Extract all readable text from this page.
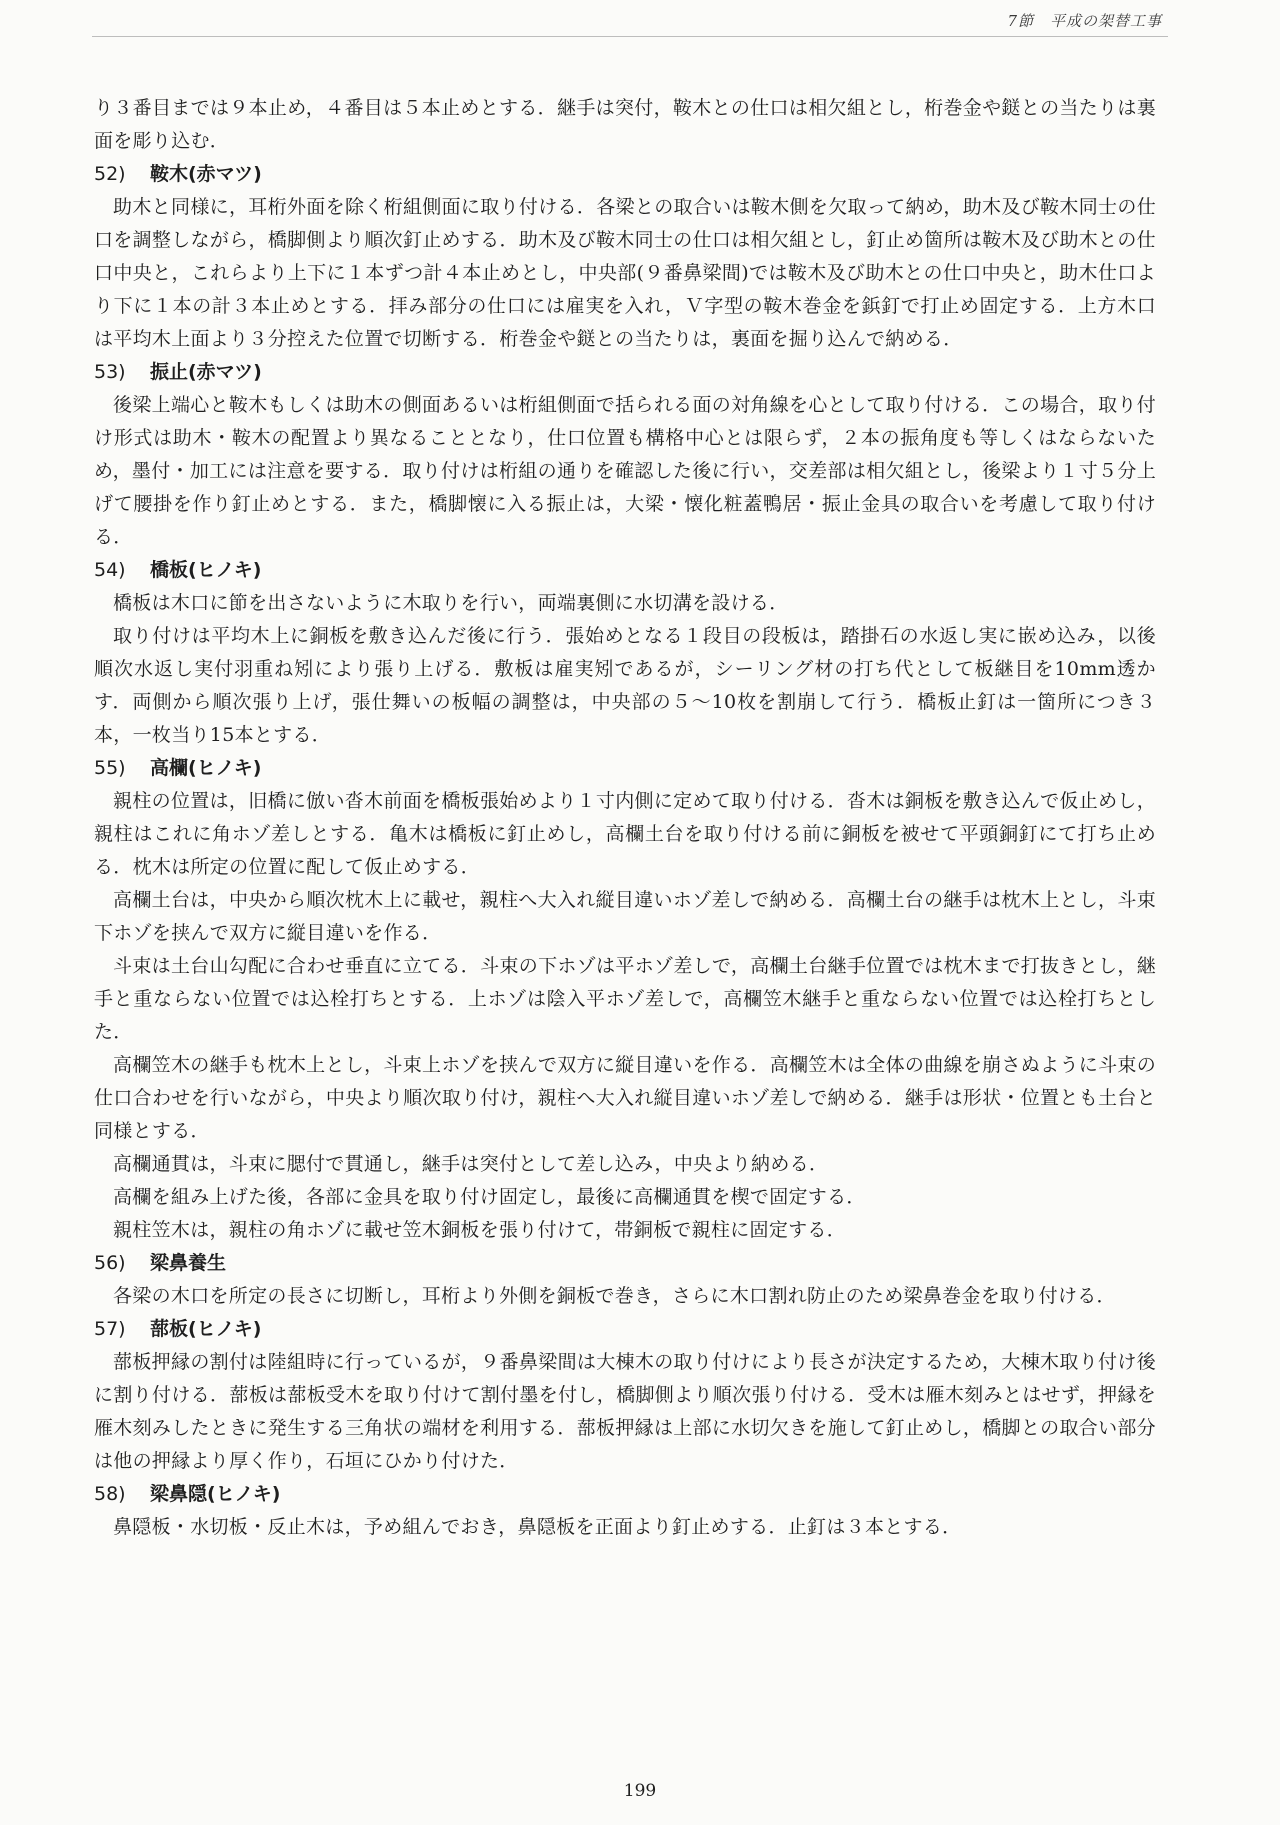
7節　平成の架替工事

り３番目までは９本止め，４番目は５本止めとする．継手は突付，鞍木との仕口は相欠組とし，桁巻金や鎹との当たりは裏面を彫り込む．

52) 鞍木(赤マツ)

助木と同様に，耳桁外面を除く桁組側面に取り付ける．各梁との取合いは鞍木側を欠取って納め，助木及び鞍木同士の仕口を調整しながら，橋脚側より順次釘止めする．助木及び鞍木同士の仕口は相欠組とし，釘止め箇所は鞍木及び助木との仕口中央と，これらより上下に１本ずつ計４本止めとし，中央部(９番鼻梁間)では鞍木及び助木との仕口中央と，助木仕口より下に１本の計３本止めとする．拝み部分の仕口には雇実を入れ，Ｖ字型の鞍木巻金を鋲釘で打止め固定する．上方木口は平均木上面より３分控えた位置で切断する．桁巻金や鎹との当たりは，裏面を掘り込んで納める．

53) 振止(赤マツ)

後梁上端心と鞍木もしくは助木の側面あるいは桁組側面で括られる面の対角線を心として取り付ける．この場合，取り付け形式は助木・鞍木の配置より異なることとなり，仕口位置も構格中心とは限らず，２本の振角度も等しくはならないため，墨付・加工には注意を要する．取り付けは桁組の通りを確認した後に行い，交差部は相欠組とし，後梁より１寸５分上げて腰掛を作り釘止めとする．また，橋脚懐に入る振止は，大梁・懐化粧蓋鴨居・振止金具の取合いを考慮して取り付ける．

54) 橋板(ヒノキ)

橋板は木口に節を出さないように木取りを行い，両端裏側に水切溝を設ける．

取り付けは平均木上に銅板を敷き込んだ後に行う．張始めとなる１段目の段板は，踏掛石の水返し実に嵌め込み，以後順次水返し実付羽重ね矧により張り上げる．敷板は雇実矧であるが，シーリング材の打ち代として板継目を10mm透かす．両側から順次張り上げ，張仕舞いの板幅の調整は，中央部の５〜10枚を割崩して行う．橋板止釘は一箇所につき３本，一枚当り15本とする．

55) 高欄(ヒノキ)

親柱の位置は，旧橋に倣い沓木前面を橋板張始めより１寸内側に定めて取り付ける．沓木は銅板を敷き込んで仮止めし，親柱はこれに角ホゾ差しとする．亀木は橋板に釘止めし，高欄土台を取り付ける前に銅板を被せて平頭銅釘にて打ち止める．枕木は所定の位置に配して仮止めする．

高欄土台は，中央から順次枕木上に載せ，親柱へ大入れ縦目違いホゾ差しで納める．高欄土台の継手は枕木上とし，斗束下ホゾを挟んで双方に縦目違いを作る．

斗束は土台山勾配に合わせ垂直に立てる．斗束の下ホゾは平ホゾ差しで，高欄土台継手位置では枕木まで打抜きとし，継手と重ならない位置では込栓打ちとする．上ホゾは陰入平ホゾ差しで，高欄笠木継手と重ならない位置では込栓打ちとした．

高欄笠木の継手も枕木上とし，斗束上ホゾを挟んで双方に縦目違いを作る．高欄笠木は全体の曲線を崩さぬように斗束の仕口合わせを行いながら，中央より順次取り付け，親柱へ大入れ縦目違いホゾ差しで納める．継手は形状・位置とも土台と同様とする．

高欄通貫は，斗束に腮付で貫通し，継手は突付として差し込み，中央より納める．

高欄を組み上げた後，各部に金具を取り付け固定し，最後に高欄通貫を楔で固定する．

親柱笠木は，親柱の角ホゾに載せ笠木銅板を張り付けて，帯銅板で親柱に固定する．

56) 梁鼻養生

各梁の木口を所定の長さに切断し，耳桁より外側を銅板で巻き，さらに木口割れ防止のため梁鼻巻金を取り付ける．

57) 蔀板(ヒノキ)

蔀板押縁の割付は陸組時に行っているが，９番鼻梁間は大棟木の取り付けにより長さが決定するため，大棟木取り付け後に割り付ける．蔀板は蔀板受木を取り付けて割付墨を付し，橋脚側より順次張り付ける．受木は雁木刻みとはせず，押縁を雁木刻みしたときに発生する三角状の端材を利用する．蔀板押縁は上部に水切欠きを施して釘止めし，橋脚との取合い部分は他の押縁より厚く作り，石垣にひかり付けた．

58) 梁鼻隠(ヒノキ)

鼻隠板・水切板・反止木は，予め組んでおき，鼻隠板を正面より釘止めする．止釘は３本とする．

199
